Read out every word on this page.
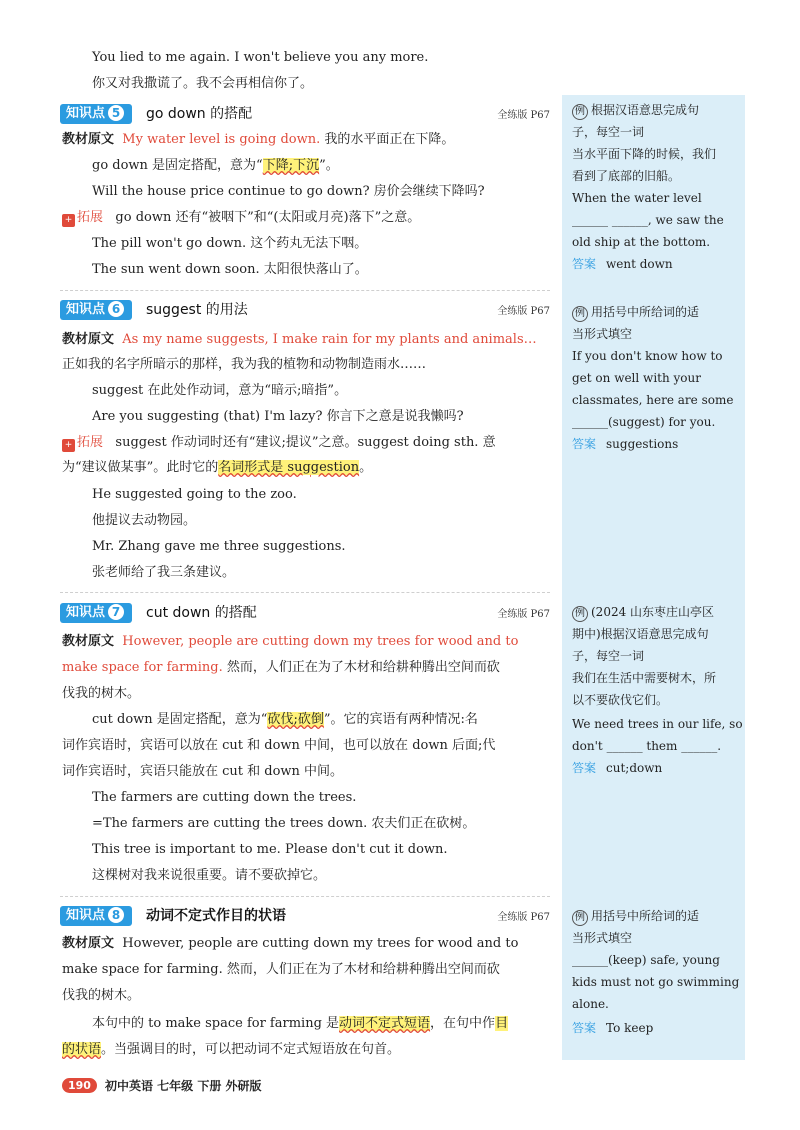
You lied to me again. I won't believe you any more.
你又对我撒谎了。我不会再相信你了。
知识点 5	go down 的搭配	全练版 P67
教材原文 My water level is going down. 我的水平面正在下降。
go down 是固定搭配，意为“下降;下沉”。
Will the house price continue to go down? 房价会继续下降吗?
+ 拓展 go down 还有“被咽下”和“(太阳或月亮)落下”之意。
The pill won't go down. 这个药丸无法下咽。
The sun went down soon. 太阳很快落山了。
知识点 6	suggest 的用法	全练版 P67
教材原文 As my name suggests, I make rain for my plants and animals…
正如我的名字所暗示的那样，我为我的植物和动物制造雨水……
suggest 在此处作动词，意为“暗示;暗指”。
Are you suggesting (that) I'm lazy? 你言下之意是说我懒吗?
+ 拓展 suggest 作动词时还有“建议;提议”之意。suggest doing sth. 意
为“建议做某事”。此时它的名词形式是 suggestion。
He suggested going to the zoo.
他提议去动物园。
Mr. Zhang gave me three suggestions.
张老师给了我三条建议。
知识点 7	cut down 的搭配	全练版 P67
教材原文 However, people are cutting down my trees for wood and to
make space for farming. 然而，人们正在为了木材和给耕种腾出空间而砍
伐我的树木。
cut down 是固定搭配，意为“砍伐;砍倒”。它的宾语有两种情况:名
词作宾语时，宾语可以放在 cut 和 down 中间，也可以放在 down 后面;代
词作宾语时，宾语只能放在 cut 和 down 中间。
The farmers are cutting down the trees.
=The farmers are cutting the trees down. 农夫们正在砍树。
This tree is important to me. Please don't cut it down.
这棵树对我来说很重要。请不要砍掉它。
知识点 8	动词不定式作目的状语	全练版 P67
教材原文 However, people are cutting down my trees for wood and to
make space for farming. 然而，人们正在为了木材和给耕种腾出空间而砍
伐我的树木。
本句中的 to make space for farming 是动词不定式短语，在句中作目
的状语。当强调目的时，可以把动词不定式短语放在句首。
例 根据汉语意思完成句
子，每空一词
当水平面下降的时候，我们
看到了底部的旧船。
When the water level
______ ______, we saw the
old ship at the bottom.
答案 went down
例 用括号中所给词的适
当形式填空
If you don't know how to
get on well with your
classmates, here are some
______(suggest) for you.
答案 suggestions
例 (2024 山东枣庄山亭区
期中)根据汉语意思完成句
子，每空一词
我们在生活中需要树木，所
以不要砍伐它们。
We need trees in our life, so
don't ______ them ______.
答案 cut;down
例 用括号中所给词的适
当形式填空
______(keep) safe, young
kids must not go swimming
alone.
答案 To keep
190	初中英语 七年级 下册 外研版
